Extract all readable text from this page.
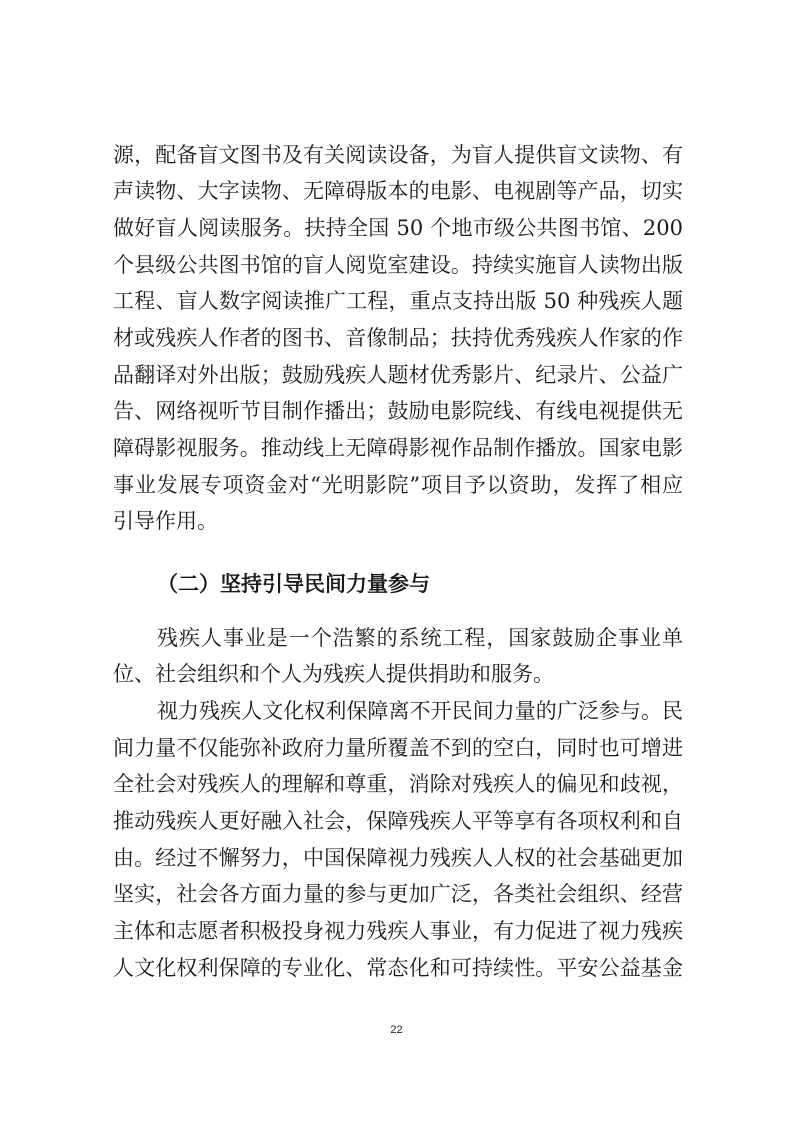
源，配备盲文图书及有关阅读设备，为盲人提供盲文读物、有
声读物、大字读物、无障碍版本的电影、电视剧等产品，切实
做好盲人阅读服务。扶持全国 50 个地市级公共图书馆、200
个县级公共图书馆的盲人阅览室建设。持续实施盲人读物出版
工程、盲人数字阅读推广工程，重点支持出版 50 种残疾人题
材或残疾人作者的图书、音像制品；扶持优秀残疾人作家的作
品翻译对外出版；鼓励残疾人题材优秀影片、纪录片、公益广
告、网络视听节目制作播出；鼓励电影院线、有线电视提供无
障碍影视服务。推动线上无障碍影视作品制作播放。国家电影
事业发展专项资金对“光明影院”项目予以资助，发挥了相应
引导作用。
（二）坚持引导民间力量参与
残疾人事业是一个浩繁的系统工程，国家鼓励企事业单
位、社会组织和个人为残疾人提供捐助和服务。
视力残疾人文化权利保障离不开民间力量的广泛参与。民
间力量不仅能弥补政府力量所覆盖不到的空白，同时也可增进
全社会对残疾人的理解和尊重，消除对残疾人的偏见和歧视，
推动残疾人更好融入社会，保障残疾人平等享有各项权利和自
由。经过不懈努力，中国保障视力残疾人人权的社会基础更加
坚实，社会各方面力量的参与更加广泛，各类社会组织、经营
主体和志愿者积极投身视力残疾人事业，有力促进了视力残疾
人文化权利保障的专业化、常态化和可持续性。平安公益基金
22
